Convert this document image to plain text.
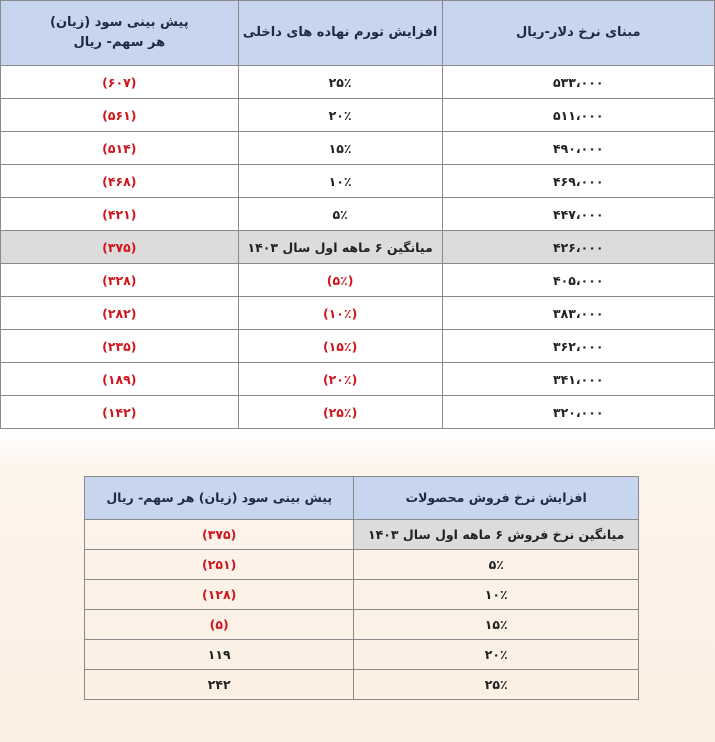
مبنای نرخ دلار-ریال	افزایش تورم نهاده های داخلی	پیش بینی سود (زیان)
هر سهم- ریال

۵۳۳،۰۰۰	۲۵٪	(۶۰۷)
۵۱۱،۰۰۰	۲۰٪	(۵۶۱)
۴۹۰،۰۰۰	۱۵٪	(۵۱۴)
۴۶۹،۰۰۰	۱۰٪	(۴۶۸)
۴۴۷،۰۰۰	۵٪	(۴۲۱)
۴۲۶،۰۰۰	میانگین ۶ ماهه اول سال ۱۴۰۳	(۳۷۵)
۴۰۵،۰۰۰	(۵٪)	(۳۲۸)
۳۸۳،۰۰۰	(۱۰٪)	(۲۸۲)
۳۶۲،۰۰۰	(۱۵٪)	(۲۳۵)
۳۴۱،۰۰۰	(۲۰٪)	(۱۸۹)
۳۲۰،۰۰۰	(۲۵٪)	(۱۴۲)
افزایش نرخ فروش محصولات	پیش بینی سود (زیان) هر سهم- ریال
میانگین نرخ فروش ۶ ماهه اول سال ۱۴۰۳	(۳۷۵)
۵٪	(۲۵۱)
۱۰٪	(۱۲۸)
۱۵٪	(۵)
۲۰٪	۱۱۹
۲۵٪	۲۴۲
